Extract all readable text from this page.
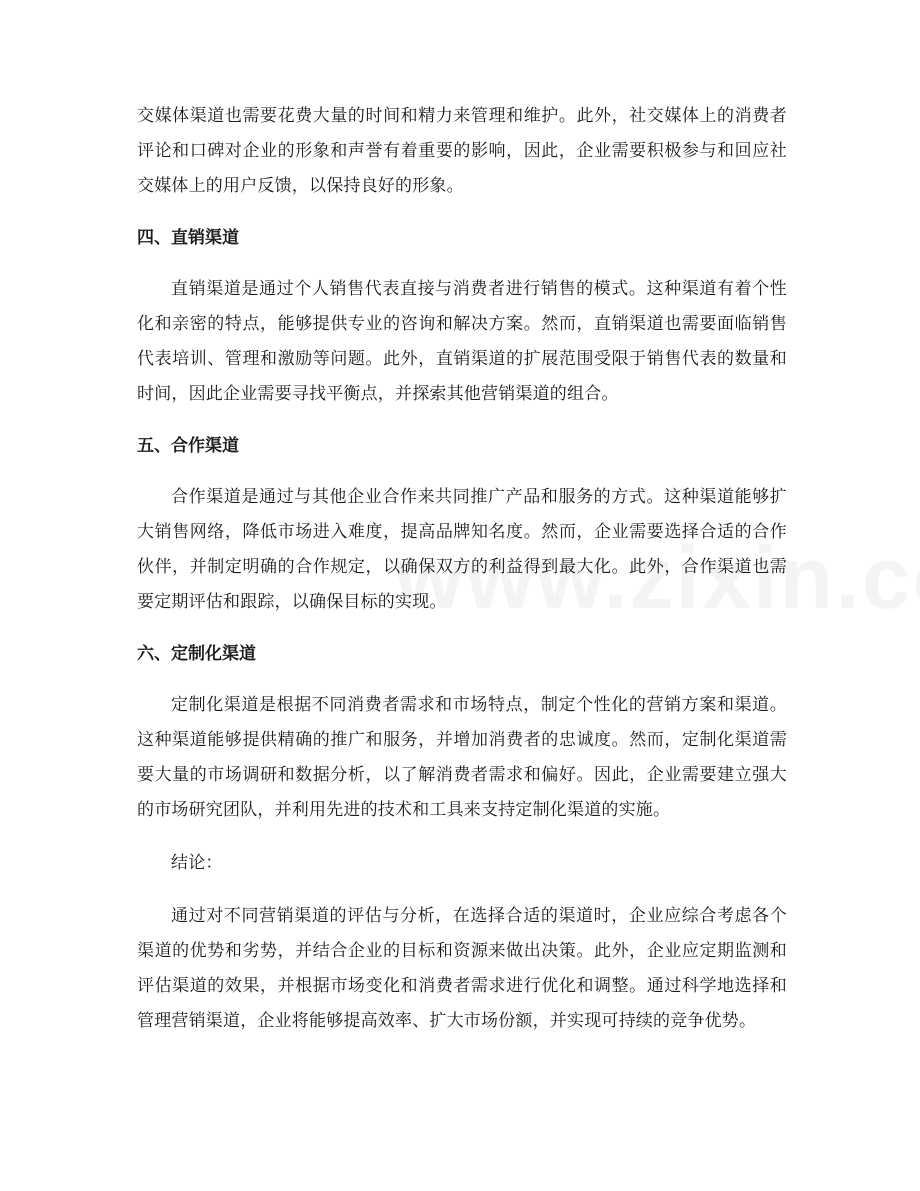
交媒体渠道也需要花费大量的时间和精力来管理和维护。此外，社交媒体上的消费者评论和口碑对企业的形象和声誉有着重要的影响，因此，企业需要积极参与和回应社交媒体上的用户反馈，以保持良好的形象。

四、直销渠道

直销渠道是通过个人销售代表直接与消费者进行销售的模式。这种渠道有着个性化和亲密的特点，能够提供专业的咨询和解决方案。然而，直销渠道也需要面临销售代表培训、管理和激励等问题。此外，直销渠道的扩展范围受限于销售代表的数量和时间，因此企业需要寻找平衡点，并探索其他营销渠道的组合。

五、合作渠道

合作渠道是通过与其他企业合作来共同推广产品和服务的方式。这种渠道能够扩大销售网络，降低市场进入难度，提高品牌知名度。然而，企业需要选择合适的合作伙伴，并制定明确的合作规定，以确保双方的利益得到最大化。此外，合作渠道也需要定期评估和跟踪，以确保目标的实现。

六、定制化渠道

定制化渠道是根据不同消费者需求和市场特点，制定个性化的营销方案和渠道。这种渠道能够提供精确的推广和服务，并增加消费者的忠诚度。然而，定制化渠道需要大量的市场调研和数据分析，以了解消费者需求和偏好。因此，企业需要建立强大的市场研究团队，并利用先进的技术和工具来支持定制化渠道的实施。

结论：

通过对不同营销渠道的评估与分析，在选择合适的渠道时，企业应综合考虑各个渠道的优势和劣势，并结合企业的目标和资源来做出决策。此外，企业应定期监测和评估渠道的效果，并根据市场变化和消费者需求进行优化和调整。通过科学地选择和管理营销渠道，企业将能够提高效率、扩大市场份额，并实现可持续的竞争优势。
